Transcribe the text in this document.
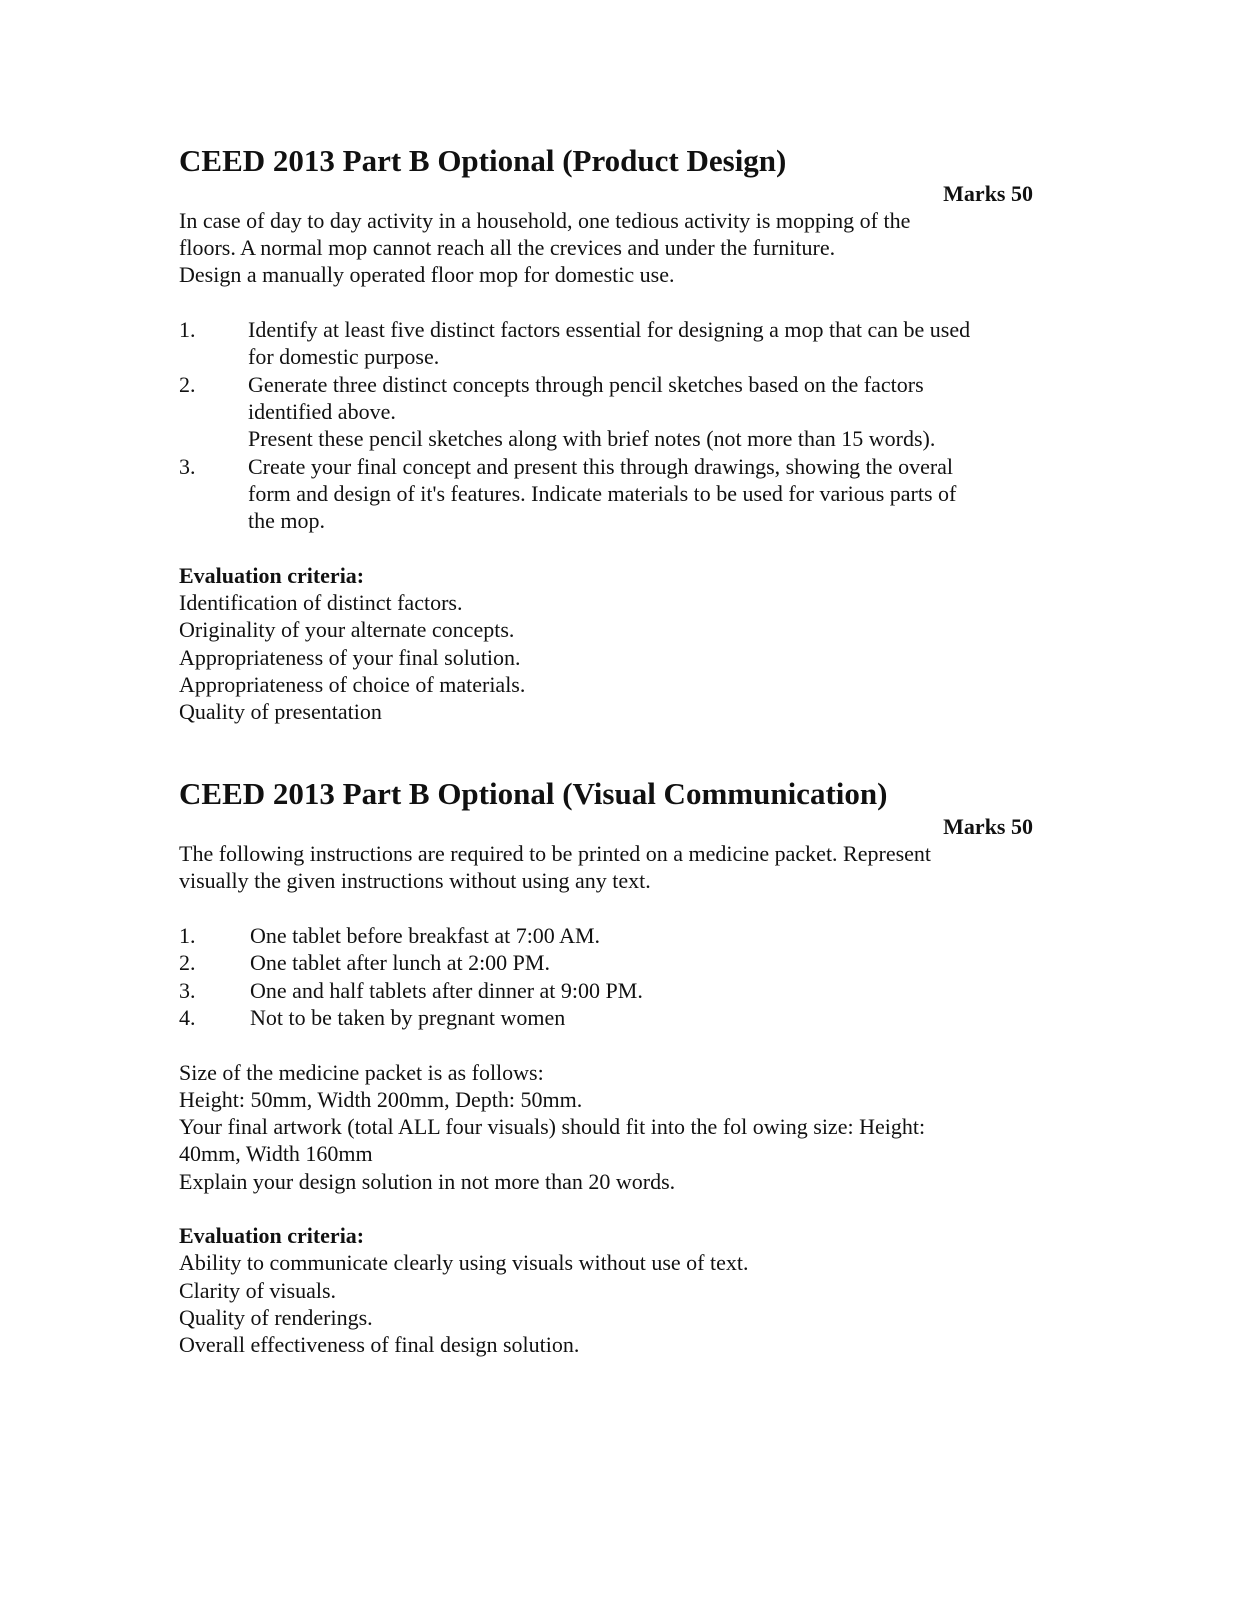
CEED 2013 Part B Optional (Product Design)
Marks 50
In case of day to day activity in a household, one tedious activity is mopping of the
floors. A normal mop cannot reach all the crevices and under the furniture.
Design a manually operated floor mop for domestic use.
1. Identify at least five distinct factors essential for designing a mop that can be used
for domestic purpose.
2. Generate three distinct concepts through pencil sketches based on the factors
identified above.
Present these pencil sketches along with brief notes (not more than 15 words).
3. Create your final concept and present this through drawings, showing the overal
form and design of it's features. Indicate materials to be used for various parts of
the mop.
Evaluation criteria:
Identification of distinct factors.
Originality of your alternate concepts.
Appropriateness of your final solution.
Appropriateness of choice of materials.
Quality of presentation
CEED 2013 Part B Optional (Visual Communication)
Marks 50
The following instructions are required to be printed on a medicine packet. Represent
visually the given instructions without using any text.
1. One tablet before breakfast at 7:00 AM.
2. One tablet after lunch at 2:00 PM.
3. One and half tablets after dinner at 9:00 PM.
4. Not to be taken by pregnant women
Size of the medicine packet is as follows:
Height: 50mm, Width 200mm, Depth: 50mm.
Your final artwork (total ALL four visuals) should fit into the fol owing size: Height:
40mm, Width 160mm
Explain your design solution in not more than 20 words.
Evaluation criteria:
Ability to communicate clearly using visuals without use of text.
Clarity of visuals.
Quality of renderings.
Overall effectiveness of final design solution.
